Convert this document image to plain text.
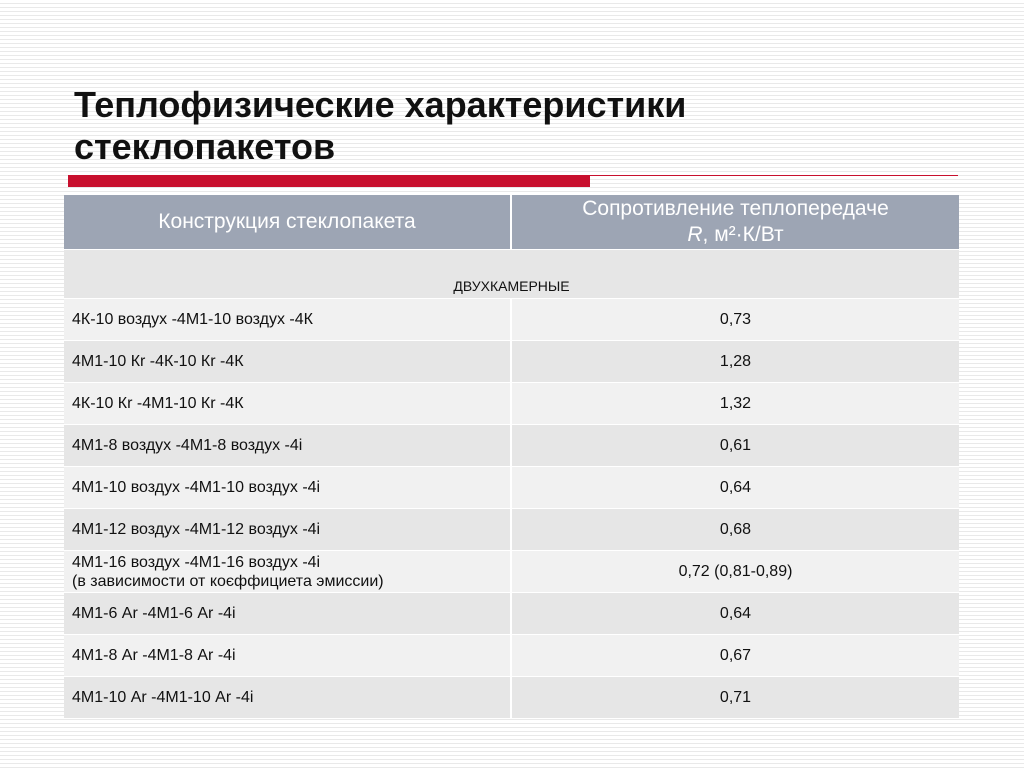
Теплофизические характеристики
стеклопакетов
Конструкция стеклопакета	Сопротивление теплопередаче
R, м²·К/Вт
ДВУХКАМЕРНЫЕ	
4К-10 воздух -4М1-10 воздух -4К	0,73
4М1-10 Кr -4К-10 Кr -4К	1,28
4К-10 Кr -4М1-10 Кr -4К	1,32
4М1-8 воздух -4М1-8 воздух -4i	0,61
4М1-10 воздух -4М1-10 воздух -4i	0,64
4М1-12 воздух -4М1-12 воздух -4i	0,68

4М1-16 воздух -4М1-16 воздух -4i
(в зависимости от коєффициета эмиссии)	0,72 (0,81-0,89)
4М1-6 Ar -4М1-6 Ar -4i	0,64
4М1-8 Ar -4М1-8 Ar -4i	0,67
4М1-10 Ar -4М1-10 Ar -4i	0,71
